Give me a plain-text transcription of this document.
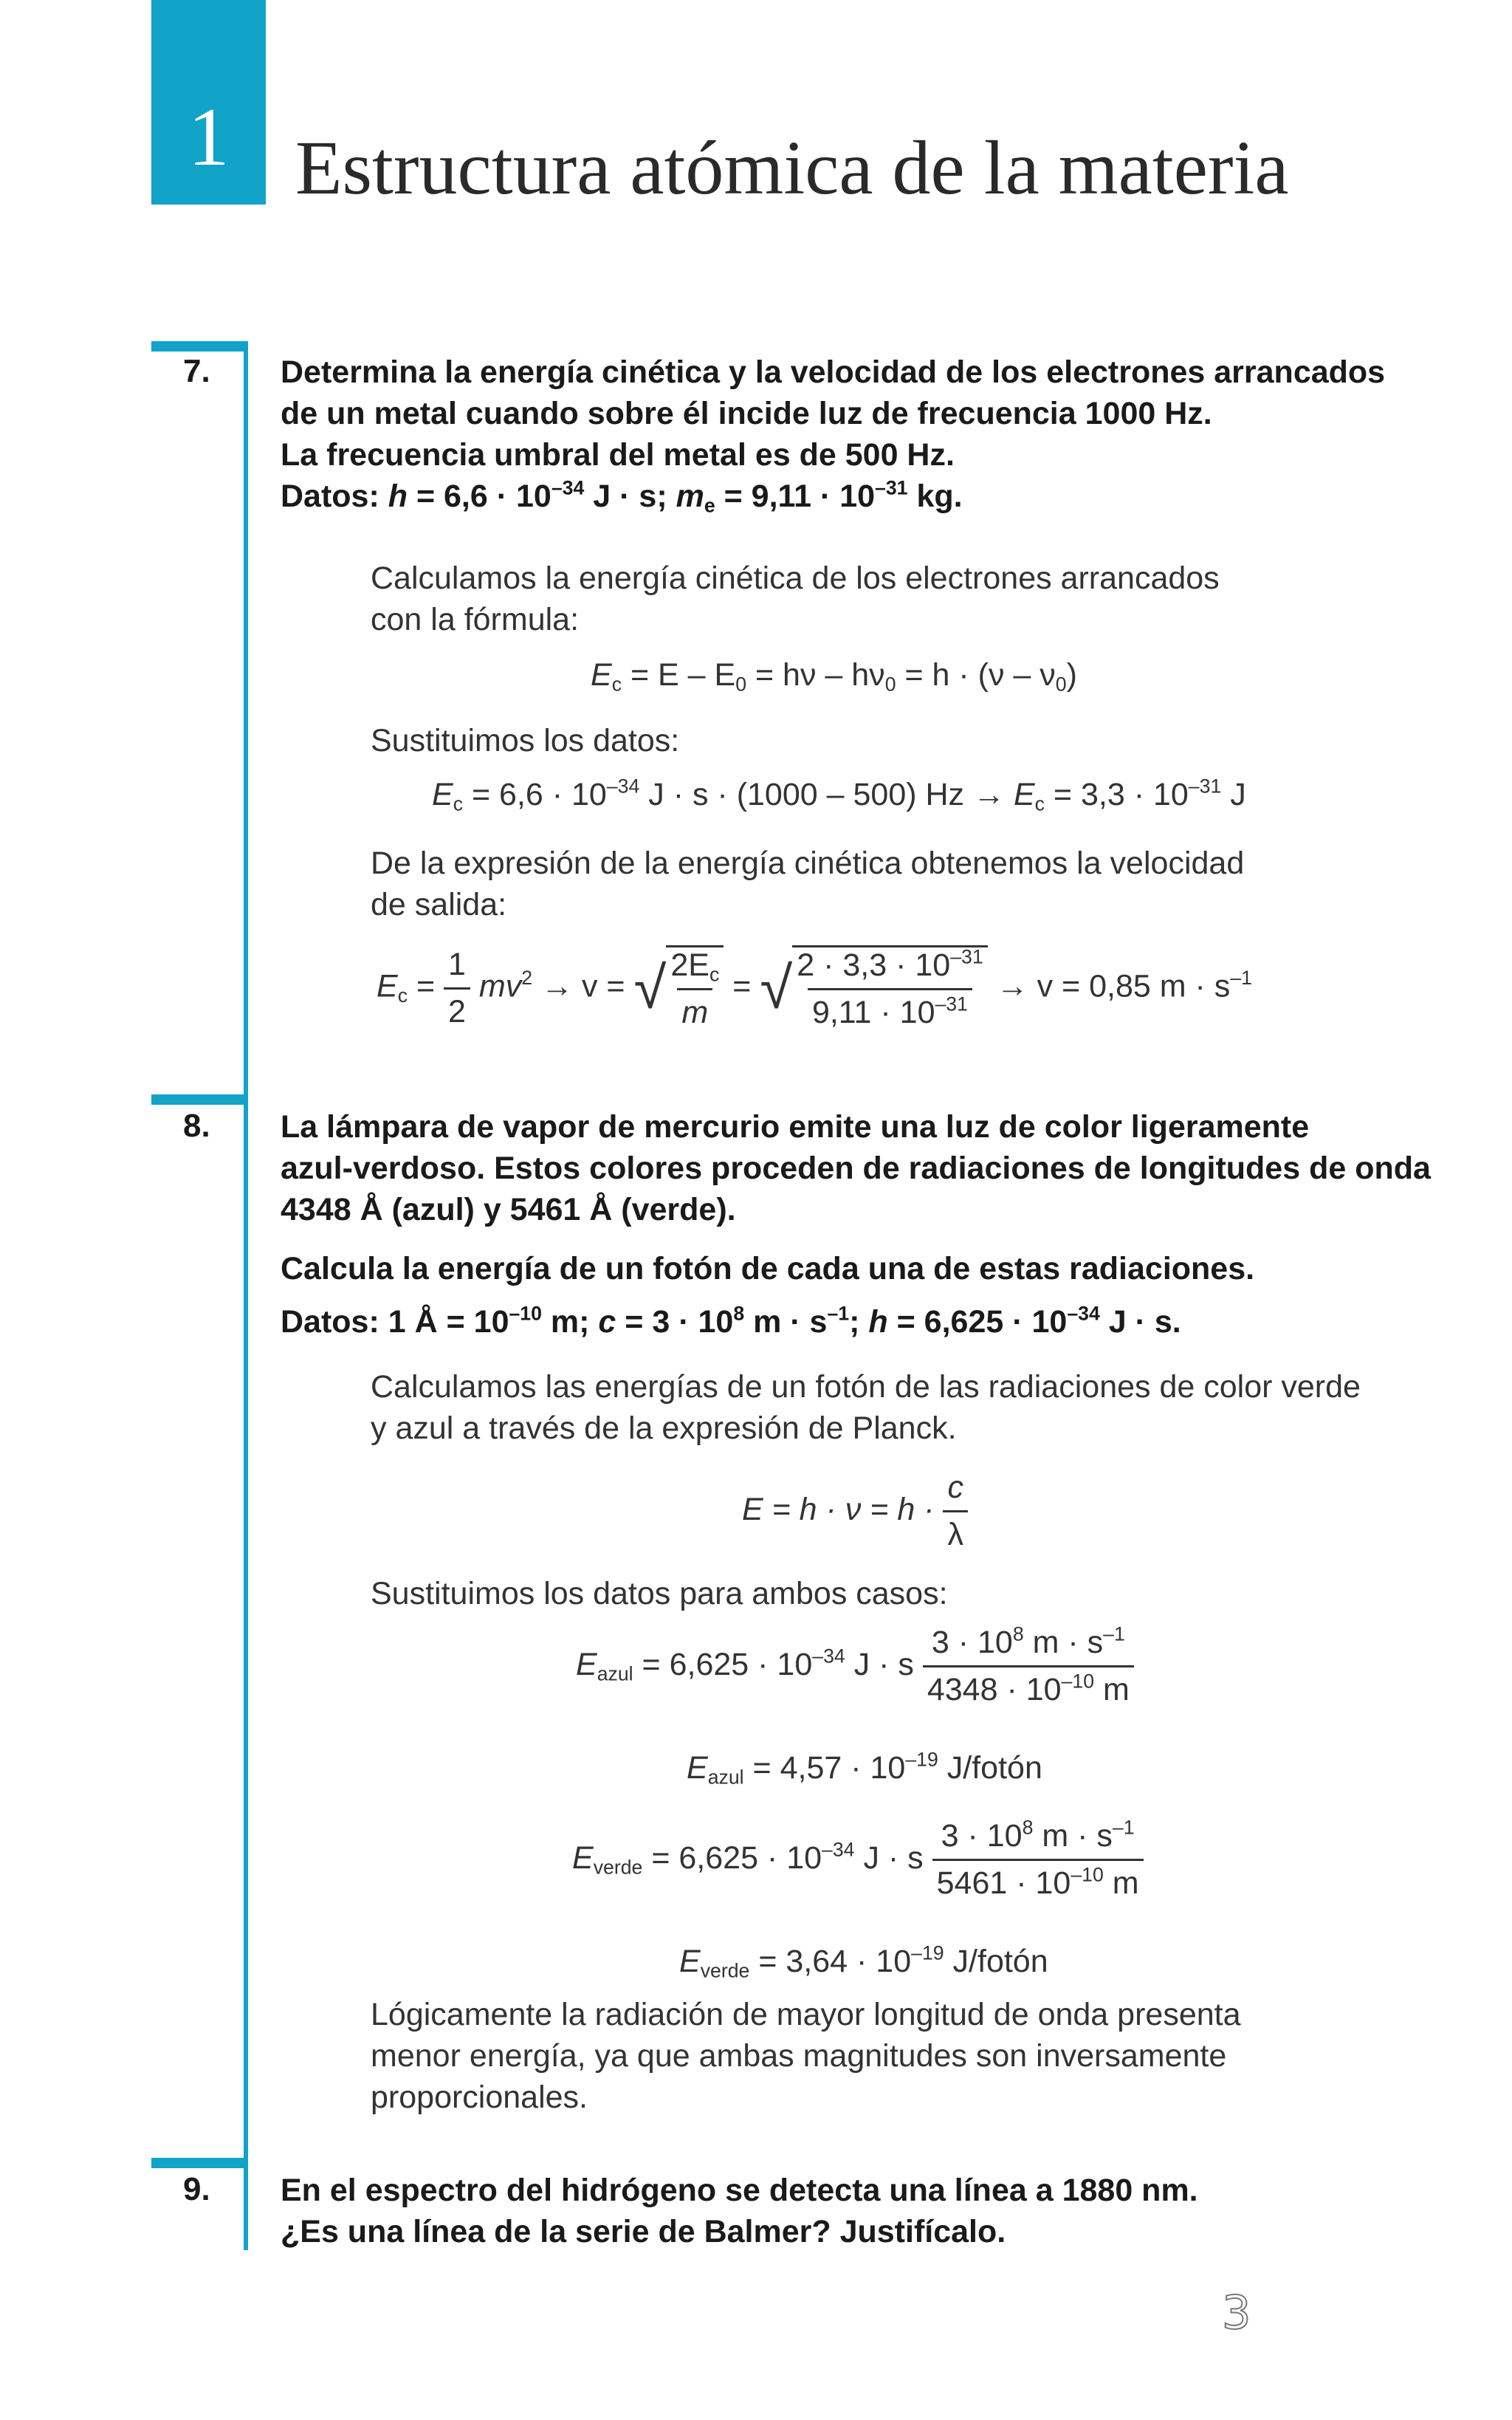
1 Estructura atómica de la materia
7. Determina la energía cinética y la velocidad de los electrones arrancados
de un metal cuando sobre él incide luz de frecuencia 1000 Hz.
La frecuencia umbral del metal es de 500 Hz.
Datos: $h = 6,6 \cdot 10^{-34}$ J · s; $m_e = 9,11 \cdot 10^{-31}$ kg.
Calculamos la energía cinética de los electrones arrancados
con la fórmula:
$E_c = E - E_0 = h\nu - h\nu_0 = h \cdot (\nu - \nu_0)$
Sustituimos los datos:
$E_c = 6,6 \cdot 10^{-34}$ J · s · (1000 – 500) $Hz \to E_c = 3,3 \cdot 10^{-31}$ J
De la expresión de la energía cinética obtenemos la velocidad
de salida:
$E_c = \frac{1}{2} mv^2 \to v$ = √ $\frac{2E_c}{m}$ = √ $\frac{2 \cdot 3,3 \cdot 10^{-31}}{9,11 \cdot 10^{-31}} \to v = 0,85$ $m \cdot s^{-1}$
8. La lámpara de vapor de mercurio emite una luz de color ligeramente
azul-verdoso. Estos colores proceden de radiaciones de longitudes de onda
4348 Å (azul) y 5461 Å (verde).
Calcula la energía de un fotón de cada una de estas radiaciones.
Datos: 1 Å = $10^{-10}$ m; $c = 3 \cdot 10^8$ $m \cdot s^{-1}$; $h = 6,625 \cdot 10^{-34}$ J · s.
Calculamos las energías de un fotón de las radiaciones de color verde
y azul a través de la expresión de Planck.
$E = h \cdot \nu = h \cdot \frac{c}{\lambda}$
Sustituimos los datos para ambos casos:
$E_{azul} = 6,625 \cdot 10^{-34}$ J · s $\frac{3 \cdot 10^8 m \cdot s^{-1}}{4348 \cdot 10^{-10} m}$
$E_{azul} = 4,57 \cdot 10^{-19}$ J/fotón
$E_{verde} = 6,625 \cdot 10^{-34}$ J · s $\frac{3 \cdot 10^8 m \cdot s^{-1}}{5461 \cdot 10^{-10} m}$
$E_{verde} = 3,64 \cdot 10^{-19}$ J/fotón
Lógicamente la radiación de mayor longitud de onda presenta
menor energía, ya que ambas magnitudes son inversamente
proporcionales.
9. En el espectro del hidrógeno se detecta una línea a 1880 nm.
¿Es una línea de la serie de Balmer? Justifícalo.
3
